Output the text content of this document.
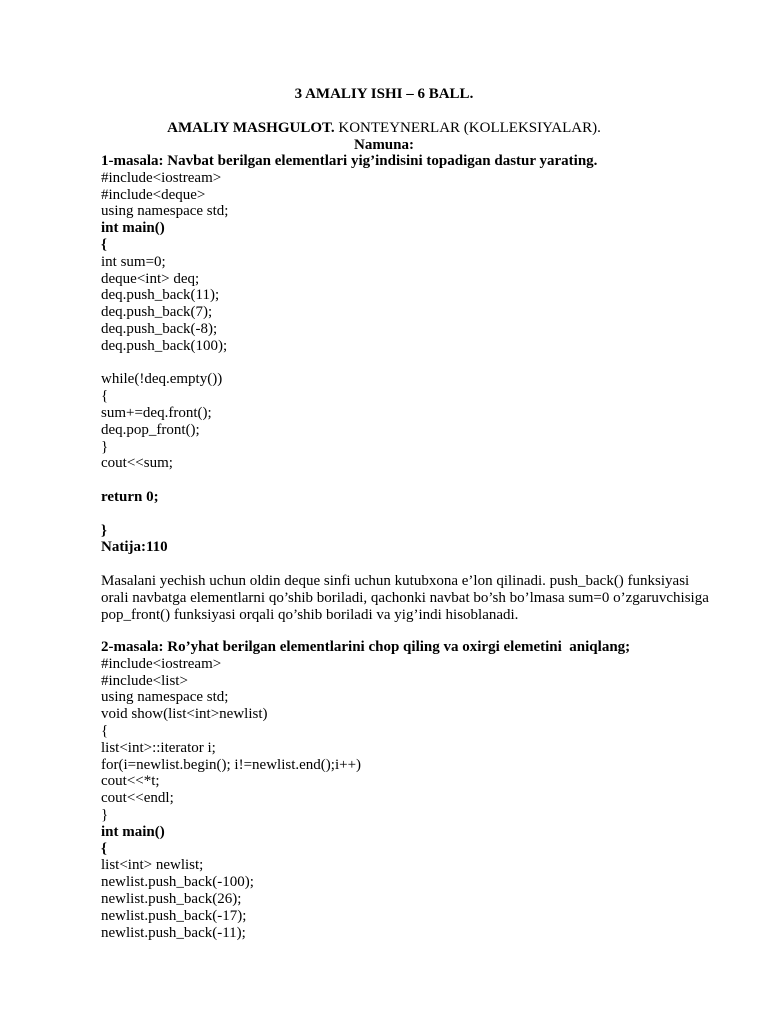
3 AMALIY ISHI – 6 BALL.
AMALIY MASHGULOT. KONTEYNERLAR (KOLLEKSIYALAR).
Namuna:
1-masala: Navbat berilgan elementlari yig’indisini topadigan dastur yarating.
#include<iostream>
#include<deque>
using namespace std;
int main()
{
int sum=0;
deque<int> deq;
deq.push_back(11);
deq.push_back(7);
deq.push_back(-8);
deq.push_back(100);
while(!deq.empty())
{
sum+=deq.front();
deq.pop_front();
}
cout<<sum;
return 0;
}
Natija:110
Masalani yechish uchun oldin deque sinfi uchun kutubxona e’lon qilinadi. push_back() funksiyasi orali navbatga elementlarni qo’shib boriladi, qachonki navbat bo’sh bo’lmasa sum=0 o’zgaruvchisiga pop_front() funksiyasi orqali qo’shib boriladi va yig’indi hisoblanadi.
2-masala: Ro’yhat berilgan elementlarini chop qiling va oxirgi elemetini  aniqlang;
#include<iostream>
#include<list>
using namespace std;
void show(list<int>newlist)
{
list<int>::iterator i;
for(i=newlist.begin(); i!=newlist.end();i++)
cout<<*t;
cout<<endl;
}
int main()
{
list<int> newlist;
newlist.push_back(-100);
newlist.push_back(26);
newlist.push_back(-17);
newlist.push_back(-11);
